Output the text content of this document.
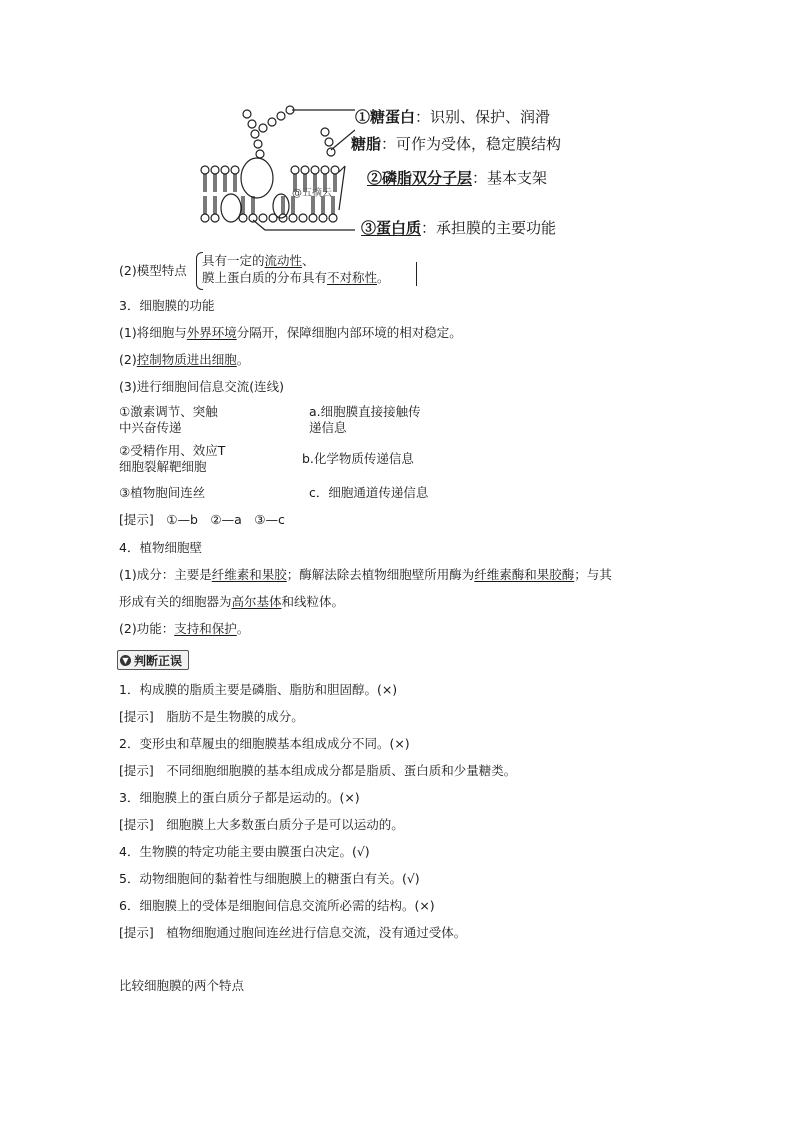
@五摘云
①糖蛋白：识别、保护、润滑
糖脂：可作为受体，稳定膜结构
②磷脂双分子层：基本支架
③蛋白质：承担膜的主要功能
(2)模型特点
具有一定的流动性、
膜上蛋白质的分布具有不对称性。
3．细胞膜的功能
(1)将细胞与外界环境分隔开，保障细胞内部环境的相对稳定。
(2)控制物质进出细胞。
(3)进行细胞间信息交流(连线)
①激素调节、突触
中兴奋传递
a.细胞膜直接接触传
递信息
②受精作用、效应T
细胞裂解靶细胞
b.化学物质传递信息
③植物胞间连丝	c．细胞通道传递信息
[提示]　①—b　②—a　③—c
4．植物细胞壁
(1)成分：主要是纤维素和果胶；酶解法除去植物细胞壁所用酶为纤维素酶和果胶酶；与其
形成有关的细胞器为高尔基体和线粒体。
(2)功能：支持和保护。
▼ 判断正误
1．构成膜的脂质主要是磷脂、脂肪和胆固醇。(×)
[提示]　脂肪不是生物膜的成分。
2．变形虫和草履虫的细胞膜基本组成成分不同。(×)
[提示]　不同细胞细胞膜的基本组成成分都是脂质、蛋白质和少量糖类。
3．细胞膜上的蛋白质分子都是运动的。(×)
[提示]　细胞膜上大多数蛋白质分子是可以运动的。
4．生物膜的特定功能主要由膜蛋白决定。(√)
5．动物细胞间的黏着性与细胞膜上的糖蛋白有关。(√)
6．细胞膜上的受体是细胞间信息交流所必需的结构。(×)
[提示]　植物细胞通过胞间连丝进行信息交流，没有通过受体。
比较细胞膜的两个特点
